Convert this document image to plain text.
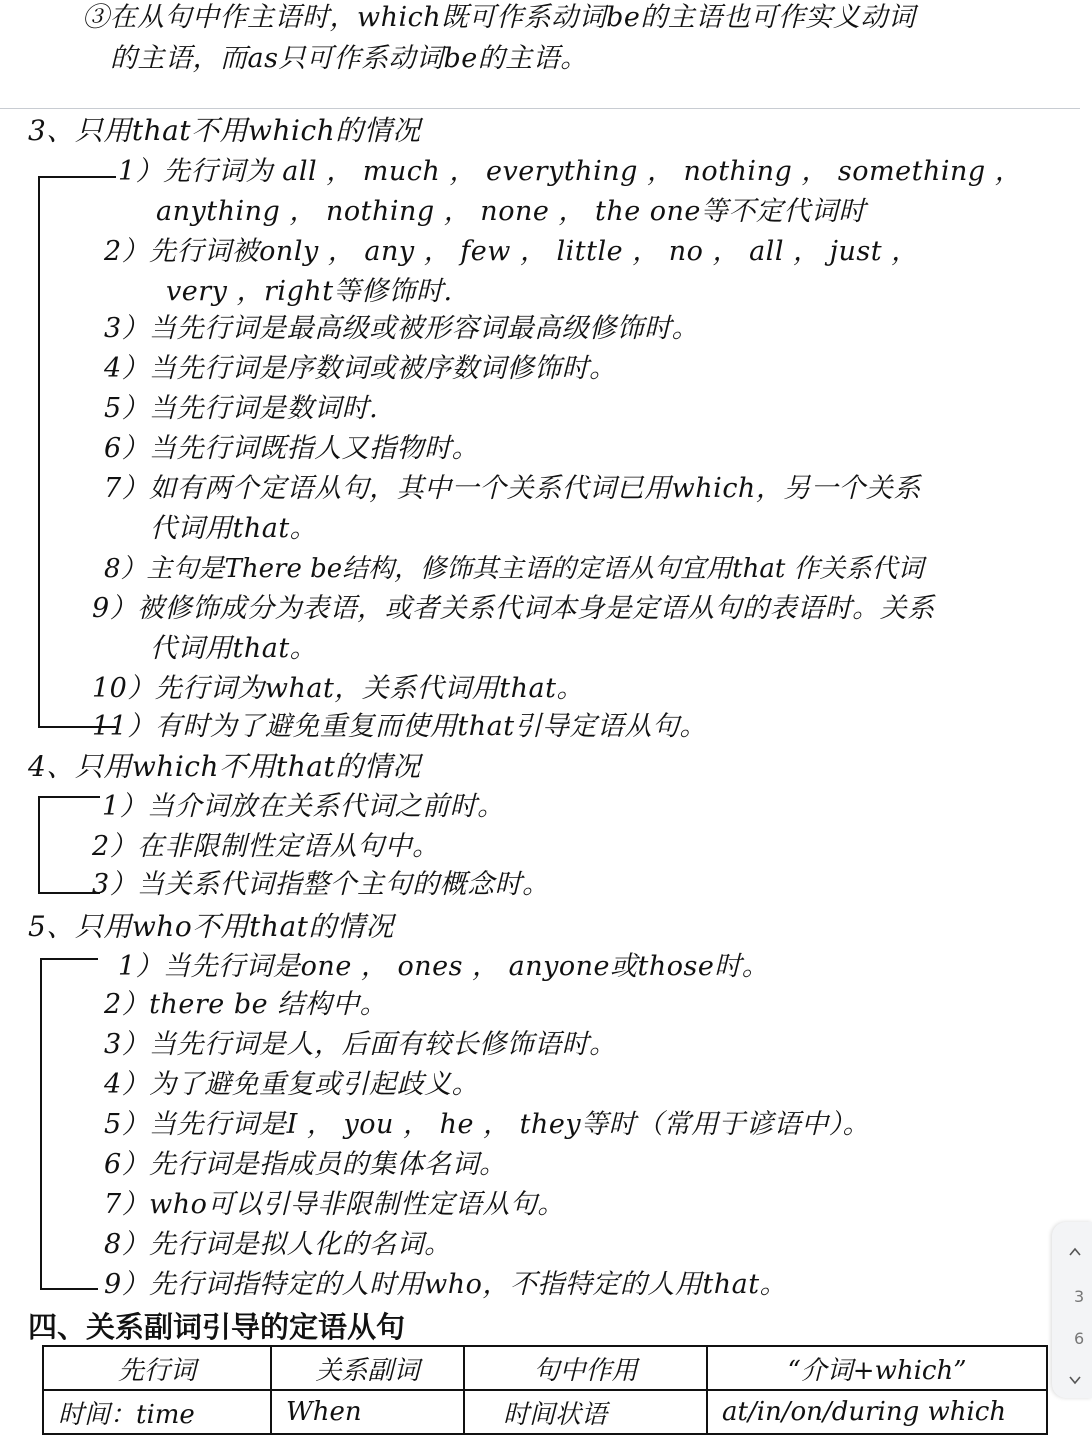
③在从句中作主语时，which既可作系动词be的主语也可作实义动词
的主语，而as只可作系动词be的主语。
3、只用that不用which的情况
1）先行词为 all ， much ， everything ， nothing ， something ，
anything ， nothing ， none ， the one等不定代词时
2）先行词被only ， any ， few ， little ， no ， all ， just ，
very ，right等修饰时.
3）当先行词是最高级或被形容词最高级修饰时。
4）当先行词是序数词或被序数词修饰时。
5）当先行词是数词时.
6）当先行词既指人又指物时。
7）如有两个定语从句，其中一个关系代词已用which，另一个关系
代词用that。
8）主句是There be结构，修饰其主语的定语从句宜用that 作关系代词
9）被修饰成分为表语，或者关系代词本身是定语从句的表语时。关系
代词用that。
10）先行词为what，关系代词用that。
11）有时为了避免重复而使用that引导定语从句。
4、只用which不用that的情况
1）当介词放在关系代词之前时。
2）在非限制性定语从句中。
3）当关系代词指整个主句的概念时。
5、只用who不用that的情况
1）当先行词是one ， ones ， anyone或those时。
2）there be 结构中。
3）当先行词是人，后面有较长修饰语时。
4）为了避免重复或引起歧义。
5）当先行词是I ， you ， he ， they等时（常用于谚语中）。
6）先行词是指成员的集体名词。
7）who可以引导非限制性定语从句。
8）先行词是拟人化的名词。
9）先行词指特定的人时用who，不指特定的人用that。
四、关系副词引导的定语从句
先行词	关系副词	句中作用	“介词+which”
时间：time	When	时间状语	at/in/on/during which
3
6
